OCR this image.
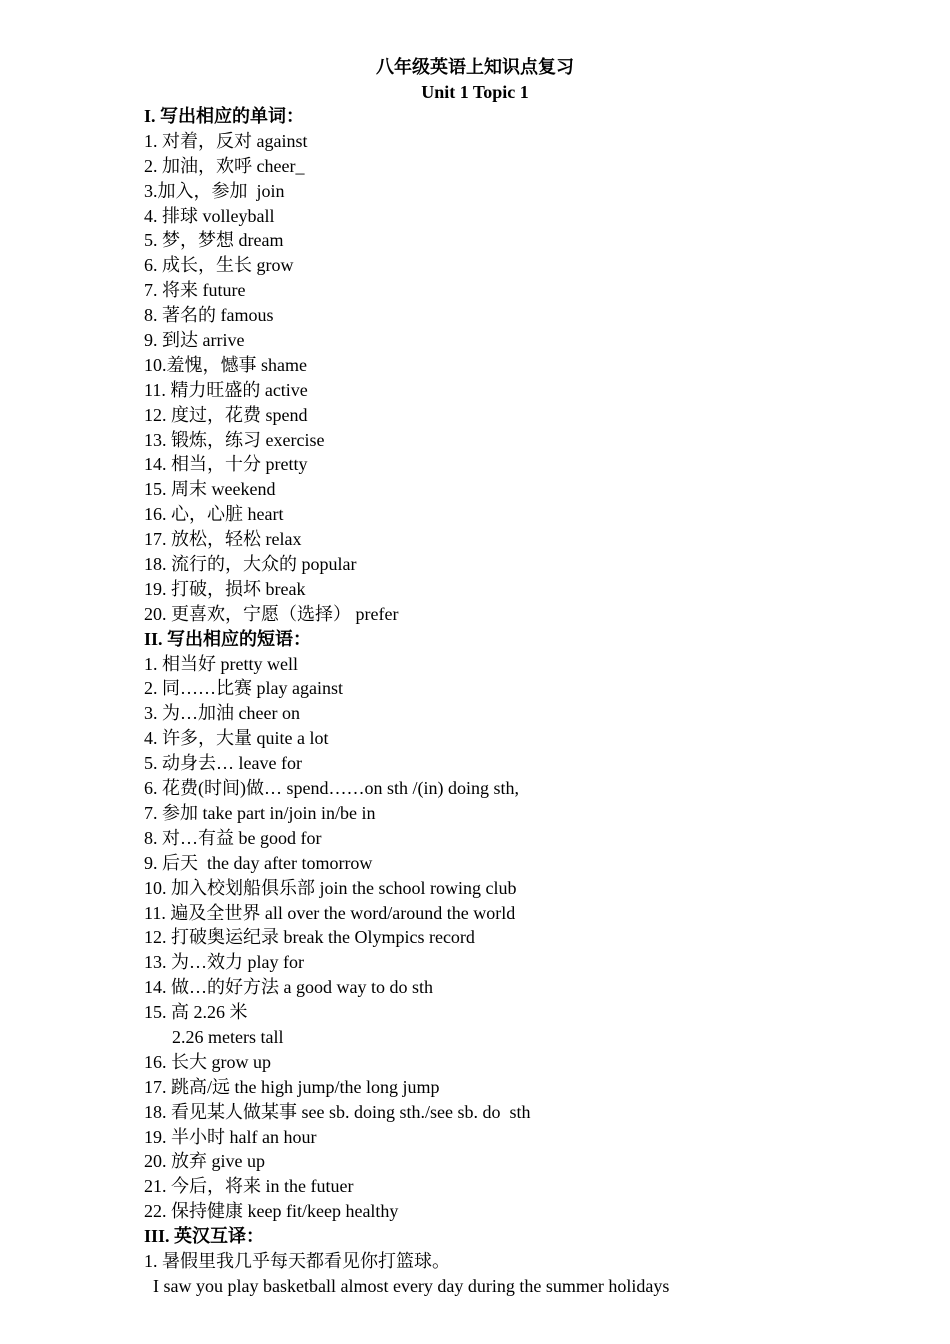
八年级英语上知识点复习
Unit 1 Topic 1
I. 写出相应的单词：
1. 对着，反对 against
2. 加油，欢呼 cheer_
3.加入，参加  join
4. 排球 volleyball
5. 梦，梦想 dream
6. 成长，生长 grow
7. 将来 future
8. 著名的 famous
9. 到达 arrive
10.羞愧，憾事 shame
11. 精力旺盛的 active
12. 度过，花费 spend
13. 锻炼，练习 exercise
14. 相当，十分 pretty
15. 周末 weekend
16. 心，心脏 heart
17. 放松，轻松 relax
18. 流行的，大众的 popular
19. 打破，损坏 break
20. 更喜欢，宁愿（选择） prefer
II. 写出相应的短语：
1. 相当好 pretty well
2. 同……比赛 play against
3. 为…加油 cheer on
4. 许多，大量 quite a lot
5. 动身去… leave for
6. 花费(时间)做… spend……on sth /(in) doing sth,
7. 参加 take part in/join in/be in
8. 对…有益 be good for
9. 后天  the day after tomorrow
10. 加入校划船俱乐部 join the school rowing club
11. 遍及全世界 all over the word/around the world
12. 打破奥运纪录 break the Olympics record
13. 为…效力 play for
14. 做…的好方法 a good way to do sth
15. 高 2.26 米
2.26 meters tall
16. 长大 grow up
17. 跳高/远 the high jump/the long jump
18. 看见某人做某事 see sb. doing sth./see sb. do  sth
19. 半小时 half an hour
20. 放弃 give up
21. 今后，将来 in the futuer
22. 保持健康 keep fit/keep healthy
III. 英汉互译：
1. 暑假里我几乎每天都看见你打篮球。
I saw you play basketball almost every day during the summer holidays
